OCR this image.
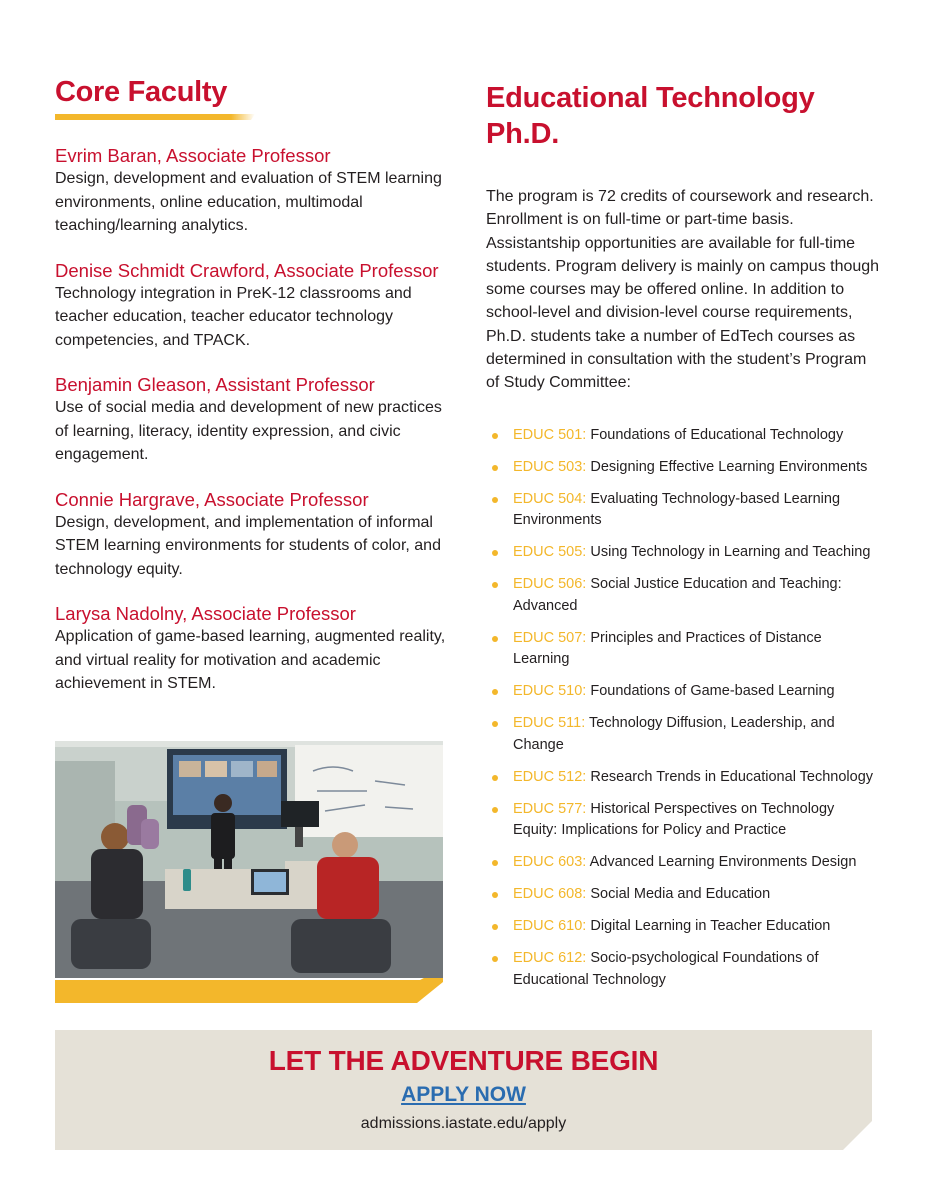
Core Faculty

Evrim Baran, Associate Professor

Design, development and evaluation of STEM learning environments, online education, multimodal teaching/learning analytics.

Denise Schmidt Crawford, Associate Professor

Technology integration in PreK-12 classrooms and teacher education, teacher educator technology competencies, and TPACK.

Benjamin Gleason, Assistant Professor

Use of social media and development of new practices of learning, literacy, identity expression, and civic engagement.

Connie Hargrave, Associate Professor

Design, development, and implementation of informal STEM learning environments for students of color, and technology equity.

Larysa Nadolny, Associate Professor

Application of game-based learning, augmented reality, and virtual reality for motivation and academic achievement in STEM.

Educational Technology Ph.D.

The program is 72 credits of coursework and research. Enrollment is on full-time or part-time basis. Assistantship opportunities are available for full-time students. Program delivery is mainly on campus though some courses may be offered online. In addition to school-level and division-level course requirements, Ph.D. students take a number of EdTech courses as determined in consultation with the student’s Program of Study Committee:

EDUC 501: Foundations of Educational Technology
EDUC 503: Designing Effective Learning Environments
EDUC 504: Evaluating Technology-based Learning Environments
EDUC 505: Using Technology in Learning and Teaching
EDUC 506: Social Justice Education and Teaching: Advanced
EDUC 507: Principles and Practices of Distance Learning
EDUC 510: Foundations of Game-based Learning
EDUC 511: Technology Diffusion, Leadership, and Change
EDUC 512: Research Trends in Educational Technology
EDUC 577: Historical Perspectives on Technology Equity: Implications for Policy and Practice
EDUC 603: Advanced Learning Environments Design
EDUC 608: Social Media and Education
EDUC 610: Digital Learning in Teacher Education
EDUC 612: Socio-psychological Foundations of Educational Technology

LET THE ADVENTURE BEGIN

APPLY NOW

admissions.iastate.edu/apply
